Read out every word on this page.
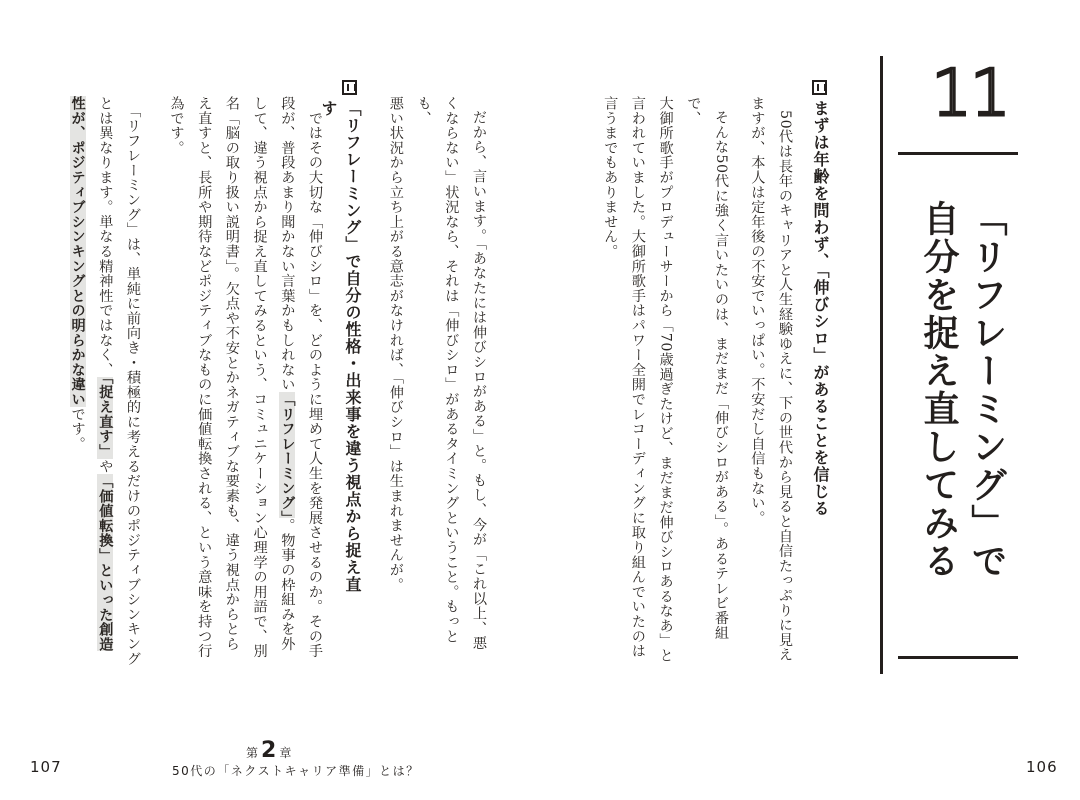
11
「リフレーミング」で
自分を捉え直してみる
まずは年齢を問わず、「伸びシロ」があることを信じる
50代は長年のキャリアと人生経験ゆえに、下の世代から見ると自信たっぷりに見え
ますが、本人は定年後の不安でいっぱい。不安だし自信もない。
そんな50代に強く言いたいのは、まだまだ「伸びシロがある」。あるテレビ番組で、
大御所歌手がプロデューサーから「70歳過ぎたけど、まだまだ伸びシロあるなあ」と
言われていました。大御所歌手はパワー全開でレコーディングに取り組んでいたのは
言うまでもありません。
だから、言います。「あなたには伸びシロがある」と。もし、今が「これ以上、悪
くならない」状況なら、それは「伸びシロ」があるタイミングということ。もっとも、
悪い状況から立ち上がる意志がなければ、「伸びシロ」は生まれませんが。
「リフレーミング」で自分の性格・出来事を違う視点から捉え直す
　ではその大切な「伸びシロ」を、どのように埋めて人生を発展させるのか。その手
段が、普段あまり聞かない言葉かもしれない「リフレーミング」。物事の枠組みを外
して、違う視点から捉え直してみるという、コミュニケーション心理学の用語で、別
名「脳の取り扱い説明書」。欠点や不安とかネガティブな要素も、違う視点からとら
え直すと、長所や期待などポジティブなものに価値転換される、という意味を持つ行
為です。
　「リフレーミング」は、単純に前向き・積極的に考えるだけのポジティブシンキング
とは異なります。単なる精神性ではなく、「捉え直す」や「価値転換」といった創造
性が、ポジティブシンキングとの明らかな違いです。
106
107
第 2 章
50代の「ネクストキャリア準備」とは？
